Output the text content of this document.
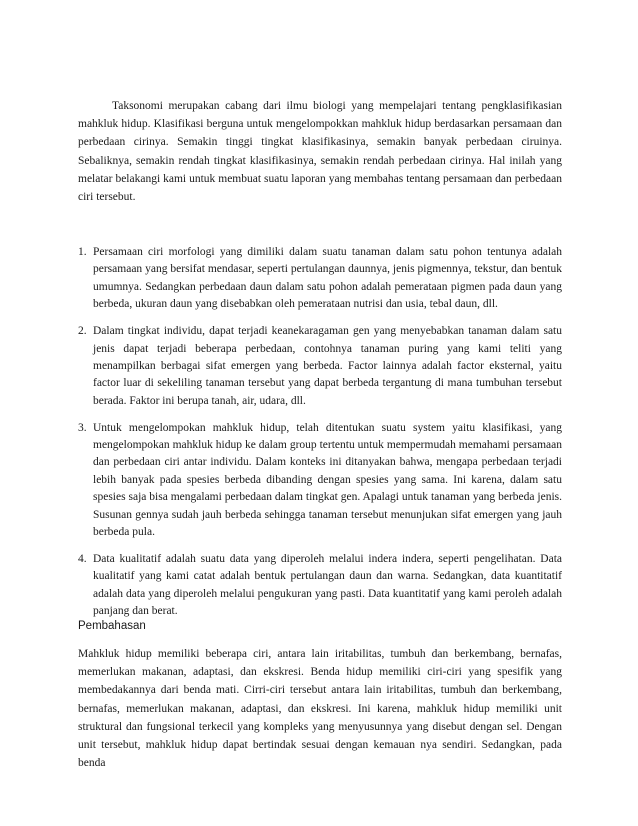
Taksonomi merupakan cabang dari ilmu biologi yang mempelajari tentang pengklasifikasian mahkluk hidup. Klasifikasi berguna untuk mengelompokkan mahkluk hidup berdasarkan persamaan dan perbedaan cirinya. Semakin tinggi tingkat klasifikasinya, semakin banyak perbedaan ciruinya. Sebaliknya, semakin rendah tingkat klasifikasinya, semakin rendah perbedaan cirinya. Hal inilah yang melatar belakangi kami untuk membuat suatu laporan yang membahas tentang persamaan dan perbedaan ciri tersebut.

1. Persamaan ciri morfologi yang dimiliki dalam suatu tanaman dalam satu pohon tentunya adalah persamaan yang bersifat mendasar, seperti pertulangan daunnya, jenis pigmennya, tekstur, dan bentuk umumnya. Sedangkan perbedaan daun dalam satu pohon adalah pemerataan pigmen pada daun yang berbeda, ukuran daun yang disebabkan oleh pemerataan nutrisi dan usia, tebal daun, dll.
2. Dalam tingkat individu, dapat terjadi keanekaragaman gen yang menyebabkan tanaman dalam satu jenis dapat terjadi beberapa perbedaan, contohnya tanaman puring yang kami teliti yang menampilkan berbagai sifat emergen yang berbeda. Factor lainnya adalah factor eksternal, yaitu factor luar di sekeliling tanaman tersebut yang dapat berbeda tergantung di mana tumbuhan tersebut berada. Faktor ini berupa tanah, air, udara, dll.
3. Untuk mengelompokan mahkluk hidup, telah ditentukan suatu system yaitu klasifikasi, yang mengelompokan mahkluk hidup ke dalam group tertentu untuk mempermudah memahami persamaan dan perbedaan ciri antar individu. Dalam konteks ini ditanyakan bahwa, mengapa perbedaan terjadi lebih banyak pada spesies berbeda dibanding dengan spesies yang sama. Ini karena, dalam satu spesies saja bisa mengalami perbedaan dalam tingkat gen. Apalagi untuk tanaman yang berbeda jenis. Susunan gennya sudah jauh berbeda sehingga tanaman tersebut menunjukan sifat emergen yang jauh berbeda pula.
4. Data kualitatif adalah suatu data yang diperoleh melalui indera indera, seperti pengelihatan. Data kualitatif yang kami catat adalah bentuk pertulangan daun dan warna. Sedangkan, data kuantitatif adalah data yang diperoleh melalui pengukuran yang pasti. Data kuantitatif yang kami peroleh adalah panjang dan berat.
Pembahasan

Mahkluk hidup memiliki beberapa ciri, antara lain iritabilitas, tumbuh dan berkembang, bernafas, memerlukan makanan, adaptasi, dan ekskresi. Benda hidup memiliki ciri-ciri yang spesifik yang membedakannya dari benda mati. Cirri-ciri tersebut antara lain iritabilitas, tumbuh dan berkembang, bernafas, memerlukan makanan, adaptasi, dan ekskresi. Ini karena, mahkluk hidup memiliki unit struktural dan fungsional terkecil yang kompleks yang menyusunnya yang disebut dengan sel. Dengan unit tersebut, mahkluk hidup dapat bertindak sesuai dengan kemauan nya sendiri. Sedangkan, pada benda
